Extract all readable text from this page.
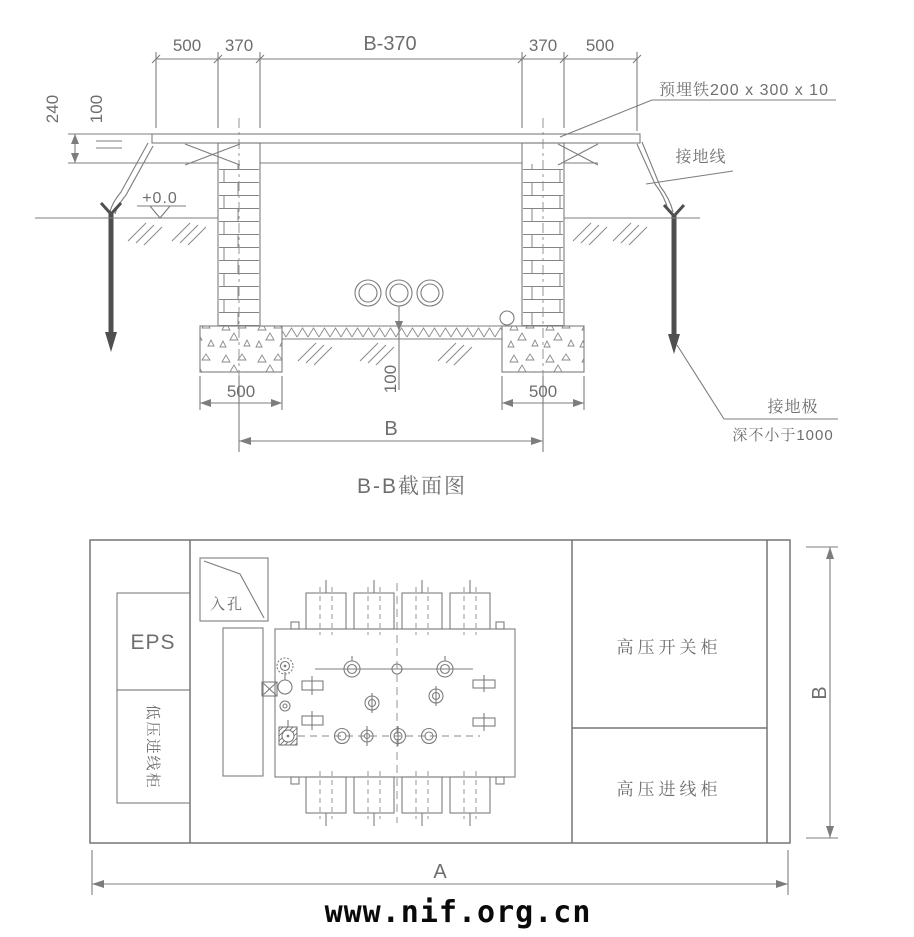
500 370	B-370	370 500
240 100
+0.0
100
500	500
B
预埋铁200 x 300 x 10
接地线
接地极
深不小于1000
B-B截面图
EPS
低压进线柜
入孔
高压开关柜
高压进线柜
B
A
www.nif.org.cn
